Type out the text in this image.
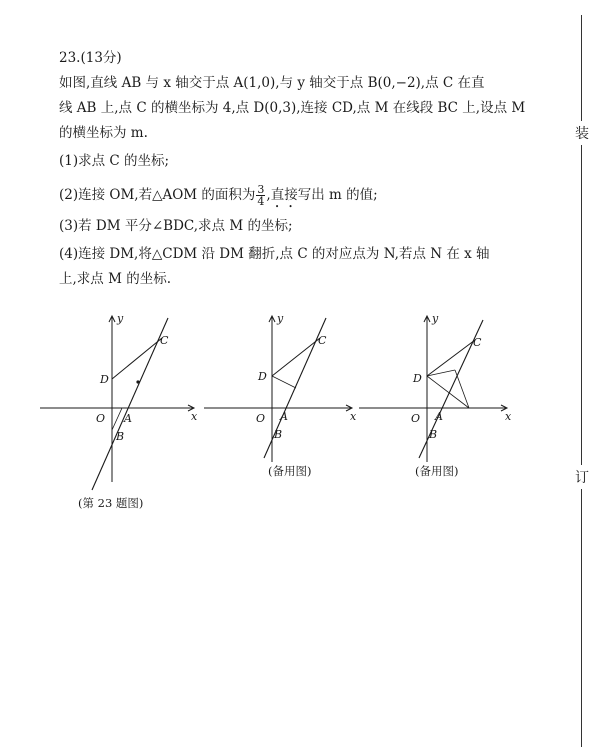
装
订
23.(13分)
如图,直线 AB 与 x 轴交于点 A(1,0),与 y 轴交于点 B(0,−2),点 C 在直
线 AB 上,点 C 的横坐标为 4,点 D(0,3),连接 CD,点 M 在线段 BC 上,设点 M
的横坐标为 m.
(1)求点 C 的坐标;
(2)连接 OM,若△AOM 的面积为 $\frac{3}{4}$ ,直接写出 m 的值;
(3)若 DM 平分∠BDC,求点 M 的坐标;
(4)连接 DM,将△CDM 沿 DM 翻折,点 C 的对应点为 N,若点 N 在 x 轴
上,求点 M 的坐标.
x
y
O A
B
C
D
x
y
O A
B
C
D
(备用图)
x
y
O A
B
C
D
(备用图)
(第 23 题图)
